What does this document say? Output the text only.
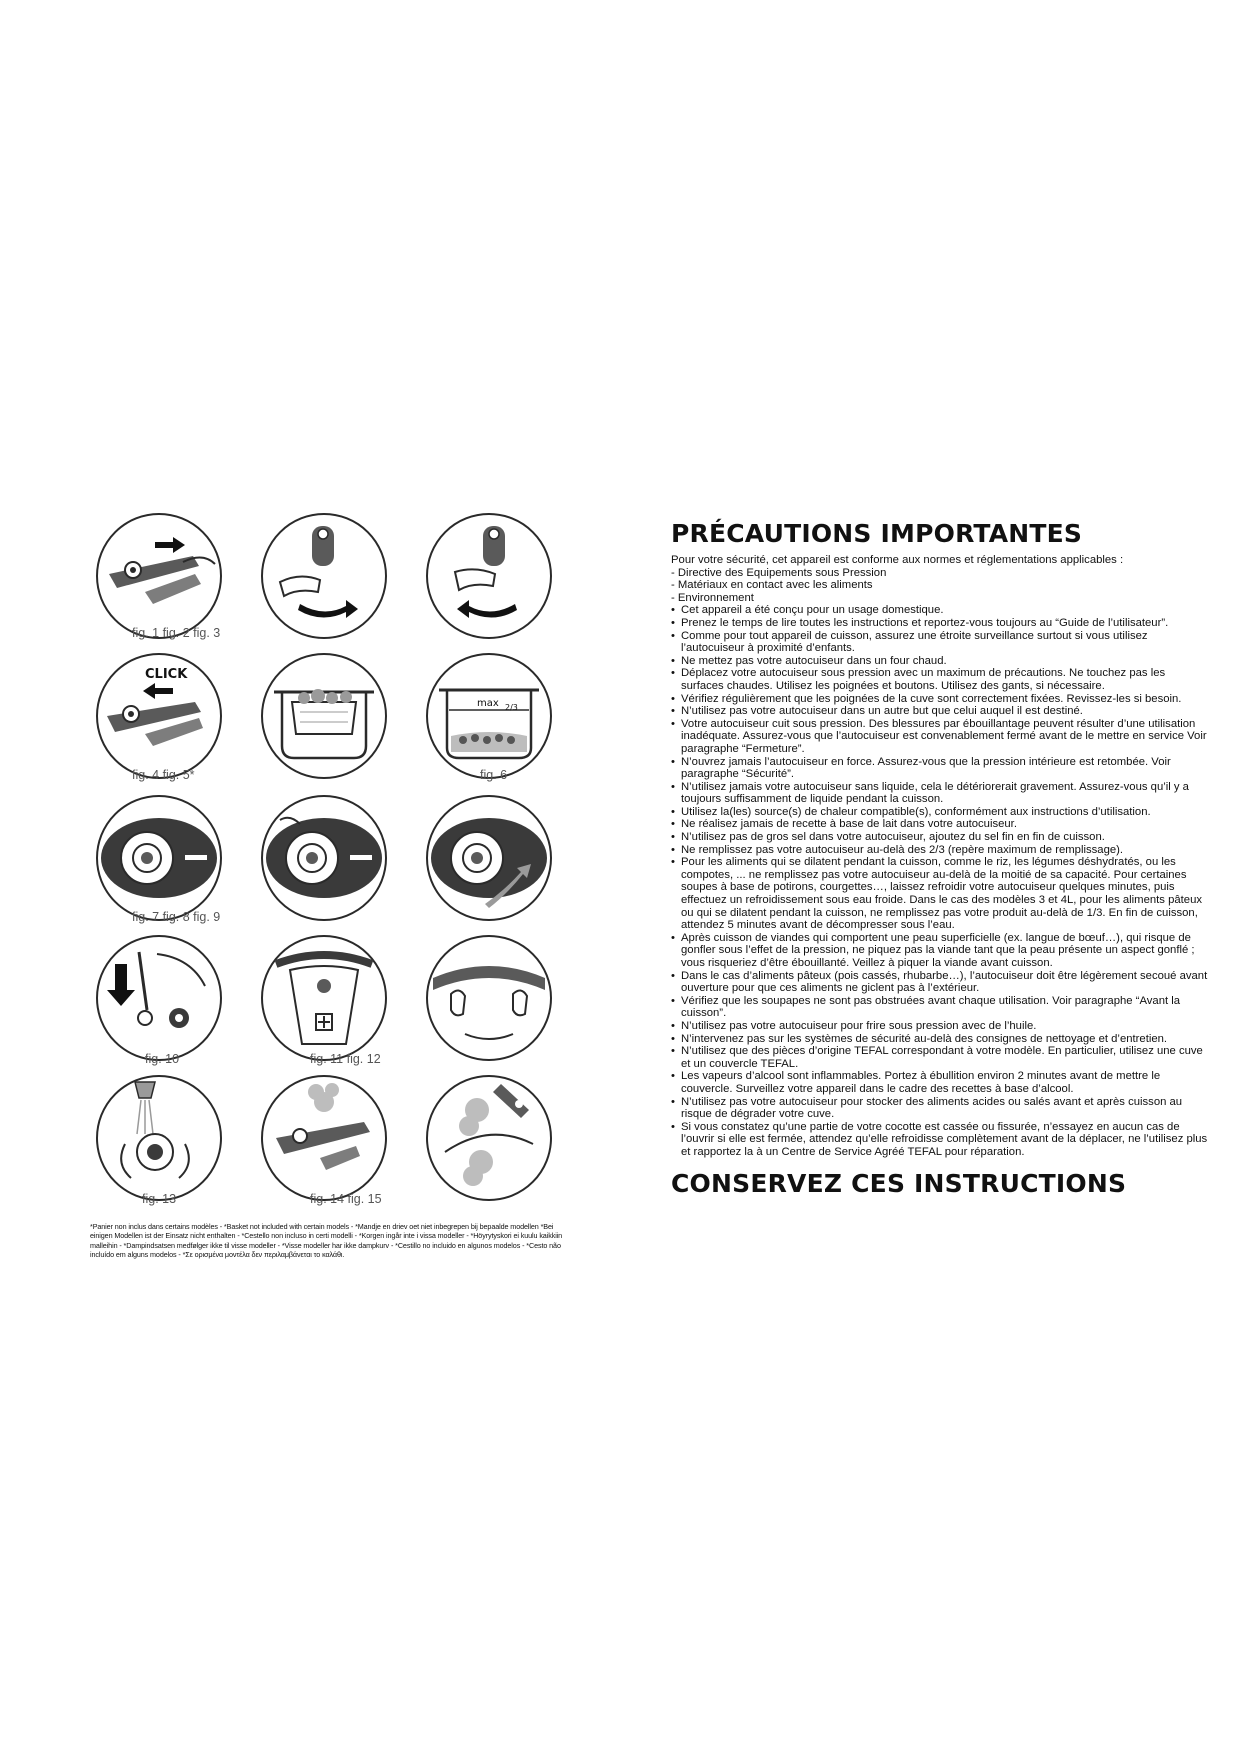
fig. 1 fig. 2 fig. 3
CLICK
max 2/3
fig. 4 fig. 5*	fig. 6
fig. 7 fig. 8 fig. 9
fig. 10	fig. 11 fig. 12
fig. 13	fig. 14 fig. 15
*Panier non inclus dans certains modèles - *Basket not included with certain models - *Mandje en driev oet niet inbegrepen bij bepaalde modellen *Bei einigen Modellen ist der Einsatz nicht enthalten - *Cestello non incluso in certi modelli - *Korgen ingår inte i vissa modeller - *Höyrytyskori ei kuulu kaikkiin malleihin - *Dampindsatsen medfølger ikke til visse modeller - *Visse modeller har ikke dampkurv - *Cestillo no incluido en algunos modelos - *Cesto não incluído em alguns modelos - *Σε ορισμένα μοντέλα δεν περιλαμβάνεται το καλάθι.
PRÉCAUTIONS IMPORTANTES

Pour votre sécurité, cet appareil est conforme aux normes et réglementations applicables :

- Directive des Equipements sous Pression
- Matériaux en contact avec les aliments
- Environnement
• Cet appareil a été conçu pour un usage domestique.
• Prenez le temps de lire toutes les instructions et reportez-vous toujours au “Guide de l’utilisateur”.
• Comme pour tout appareil de cuisson, assurez une étroite surveillance surtout si vous utilisez l’autocuiseur à proximité d’enfants.
• Ne mettez pas votre autocuiseur dans un four chaud.
• Déplacez votre autocuiseur sous pression avec un maximum de précautions. Ne touchez pas les surfaces chaudes. Utilisez les poignées et boutons. Utilisez des gants, si nécessaire.
• Vérifiez régulièrement que les poignées de la cuve sont correctement fixées. Revissez-les si besoin.
• N’utilisez pas votre autocuiseur dans un autre but que celui auquel il est destiné.
• Votre autocuiseur cuit sous pression. Des blessures par ébouillantage peuvent résulter d’une utilisation inadéquate. Assurez-vous que l’autocuiseur est convenablement fermé avant de le mettre en service Voir paragraphe “Fermeture”.
• N’ouvrez jamais l’autocuiseur en force. Assurez-vous que la pression intérieure est retombée. Voir paragraphe “Sécurité”.
• N’utilisez jamais votre autocuiseur sans liquide, cela le détériorerait gravement. Assurez-vous qu’il y a toujours suffisamment de liquide pendant la cuisson.
• Utilisez la(les) source(s) de chaleur compatible(s), conformément aux instructions d’utilisation.
• Ne réalisez jamais de recette à base de lait dans votre autocuiseur.
• N’utilisez pas de gros sel dans votre autocuiseur, ajoutez du sel fin en fin de cuisson.
• Ne remplissez pas votre autocuiseur au-delà des 2/3 (repère maximum de remplissage).
• Pour les aliments qui se dilatent pendant la cuisson, comme le riz, les légumes déshydratés, ou les compotes, ... ne remplissez pas votre autocuiseur au-delà de la moitié de sa capacité. Pour certaines soupes à base de potirons, courgettes…, laissez refroidir votre autocuiseur quelques minutes, puis effectuez un refroidissement sous eau froide. Dans le cas des modèles 3 et 4L, pour les aliments pâteux ou qui se dilatent pendant la cuisson, ne remplissez pas votre produit au-delà de 1/3. En fin de cuisson, attendez 5 minutes avant de décompresser sous l’eau.
• Après cuisson de viandes qui comportent une peau superficielle (ex. langue de bœuf…), qui risque de gonfler sous l’effet de la pression, ne piquez pas la viande tant que la peau présente un aspect gonflé ; vous risqueriez d’être ébouillanté. Veillez à piquer la viande avant cuisson.
• Dans le cas d’aliments pâteux (pois cassés, rhubarbe…), l’autocuiseur doit être légèrement secoué avant ouverture pour que ces aliments ne giclent pas à l’extérieur.
• Vérifiez que les soupapes ne sont pas obstruées avant chaque utilisation. Voir paragraphe “Avant la cuisson”.
• N’utilisez pas votre autocuiseur pour frire sous pression avec de l’huile.
• N’intervenez pas sur les systèmes de sécurité au-delà des consignes de nettoyage et d’entretien.
• N’utilisez que des pièces d’origine TEFAL correspondant à votre modèle. En particulier, utilisez une cuve et un couvercle TEFAL.
• Les vapeurs d’alcool sont inflammables. Portez à ébullition environ 2 minutes avant de mettre le couvercle. Surveillez votre appareil dans le cadre des recettes à base d’alcool.
• N’utilisez pas votre autocuiseur pour stocker des aliments acides ou salés avant et après cuisson au risque de dégrader votre cuve.
• Si vous constatez qu’une partie de votre cocotte est cassée ou fissurée, n’essayez en aucun cas de l’ouvrir si elle est fermée, attendez qu’elle refroidisse complètement avant de la déplacer, ne l’utilisez plus et rapportez la à un Centre de Service Agréé TEFAL pour réparation.
CONSERVEZ CES INSTRUCTIONS
